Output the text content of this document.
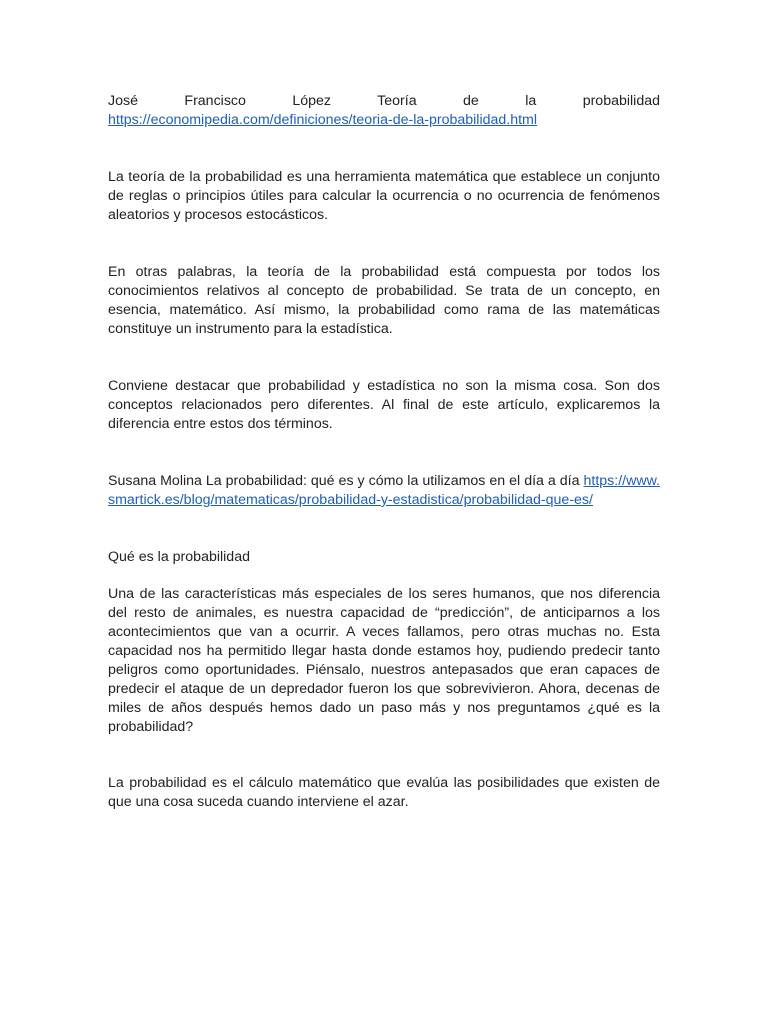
José Francisco López Teoría de la probabilidad

https://economipedia.com/definiciones/teoria-de-la-probabilidad.html

La teoría de la probabilidad es una herramienta matemática que establece un conjunto de reglas o principios útiles para calcular la ocurrencia o no ocurrencia de fenómenos aleatorios y procesos estocásticos.

En otras palabras, la teoría de la probabilidad está compuesta por todos los conocimientos relativos al concepto de probabilidad. Se trata de un concepto, en esencia, matemático. Así mismo, la probabilidad como rama de las matemáticas constituye un instrumento para la estadística.

Conviene destacar que probabilidad y estadística no son la misma cosa. Son dos conceptos relacionados pero diferentes. Al final de este artículo, explicaremos la diferencia entre estos dos términos.

Susana Molina La probabilidad: qué es y cómo la utilizamos en el día a día https://www.smartick.es/blog/matematicas/probabilidad-y-estadistica/probabilidad-que-es/

Qué es la probabilidad

Una de las características más especiales de los seres humanos, que nos diferencia del resto de animales, es nuestra capacidad de “predicción”, de anticiparnos a los acontecimientos que van a ocurrir. A veces fallamos, pero otras muchas no. Esta capacidad nos ha permitido llegar hasta donde estamos hoy, pudiendo predecir tanto peligros como oportunidades. Piénsalo, nuestros antepasados que eran capaces de predecir el ataque de un depredador fueron los que sobrevivieron. Ahora, decenas de miles de años después hemos dado un paso más y nos preguntamos ¿qué es la probabilidad?

La probabilidad es el cálculo matemático que evalúa las posibilidades que existen de que una cosa suceda cuando interviene el azar.
